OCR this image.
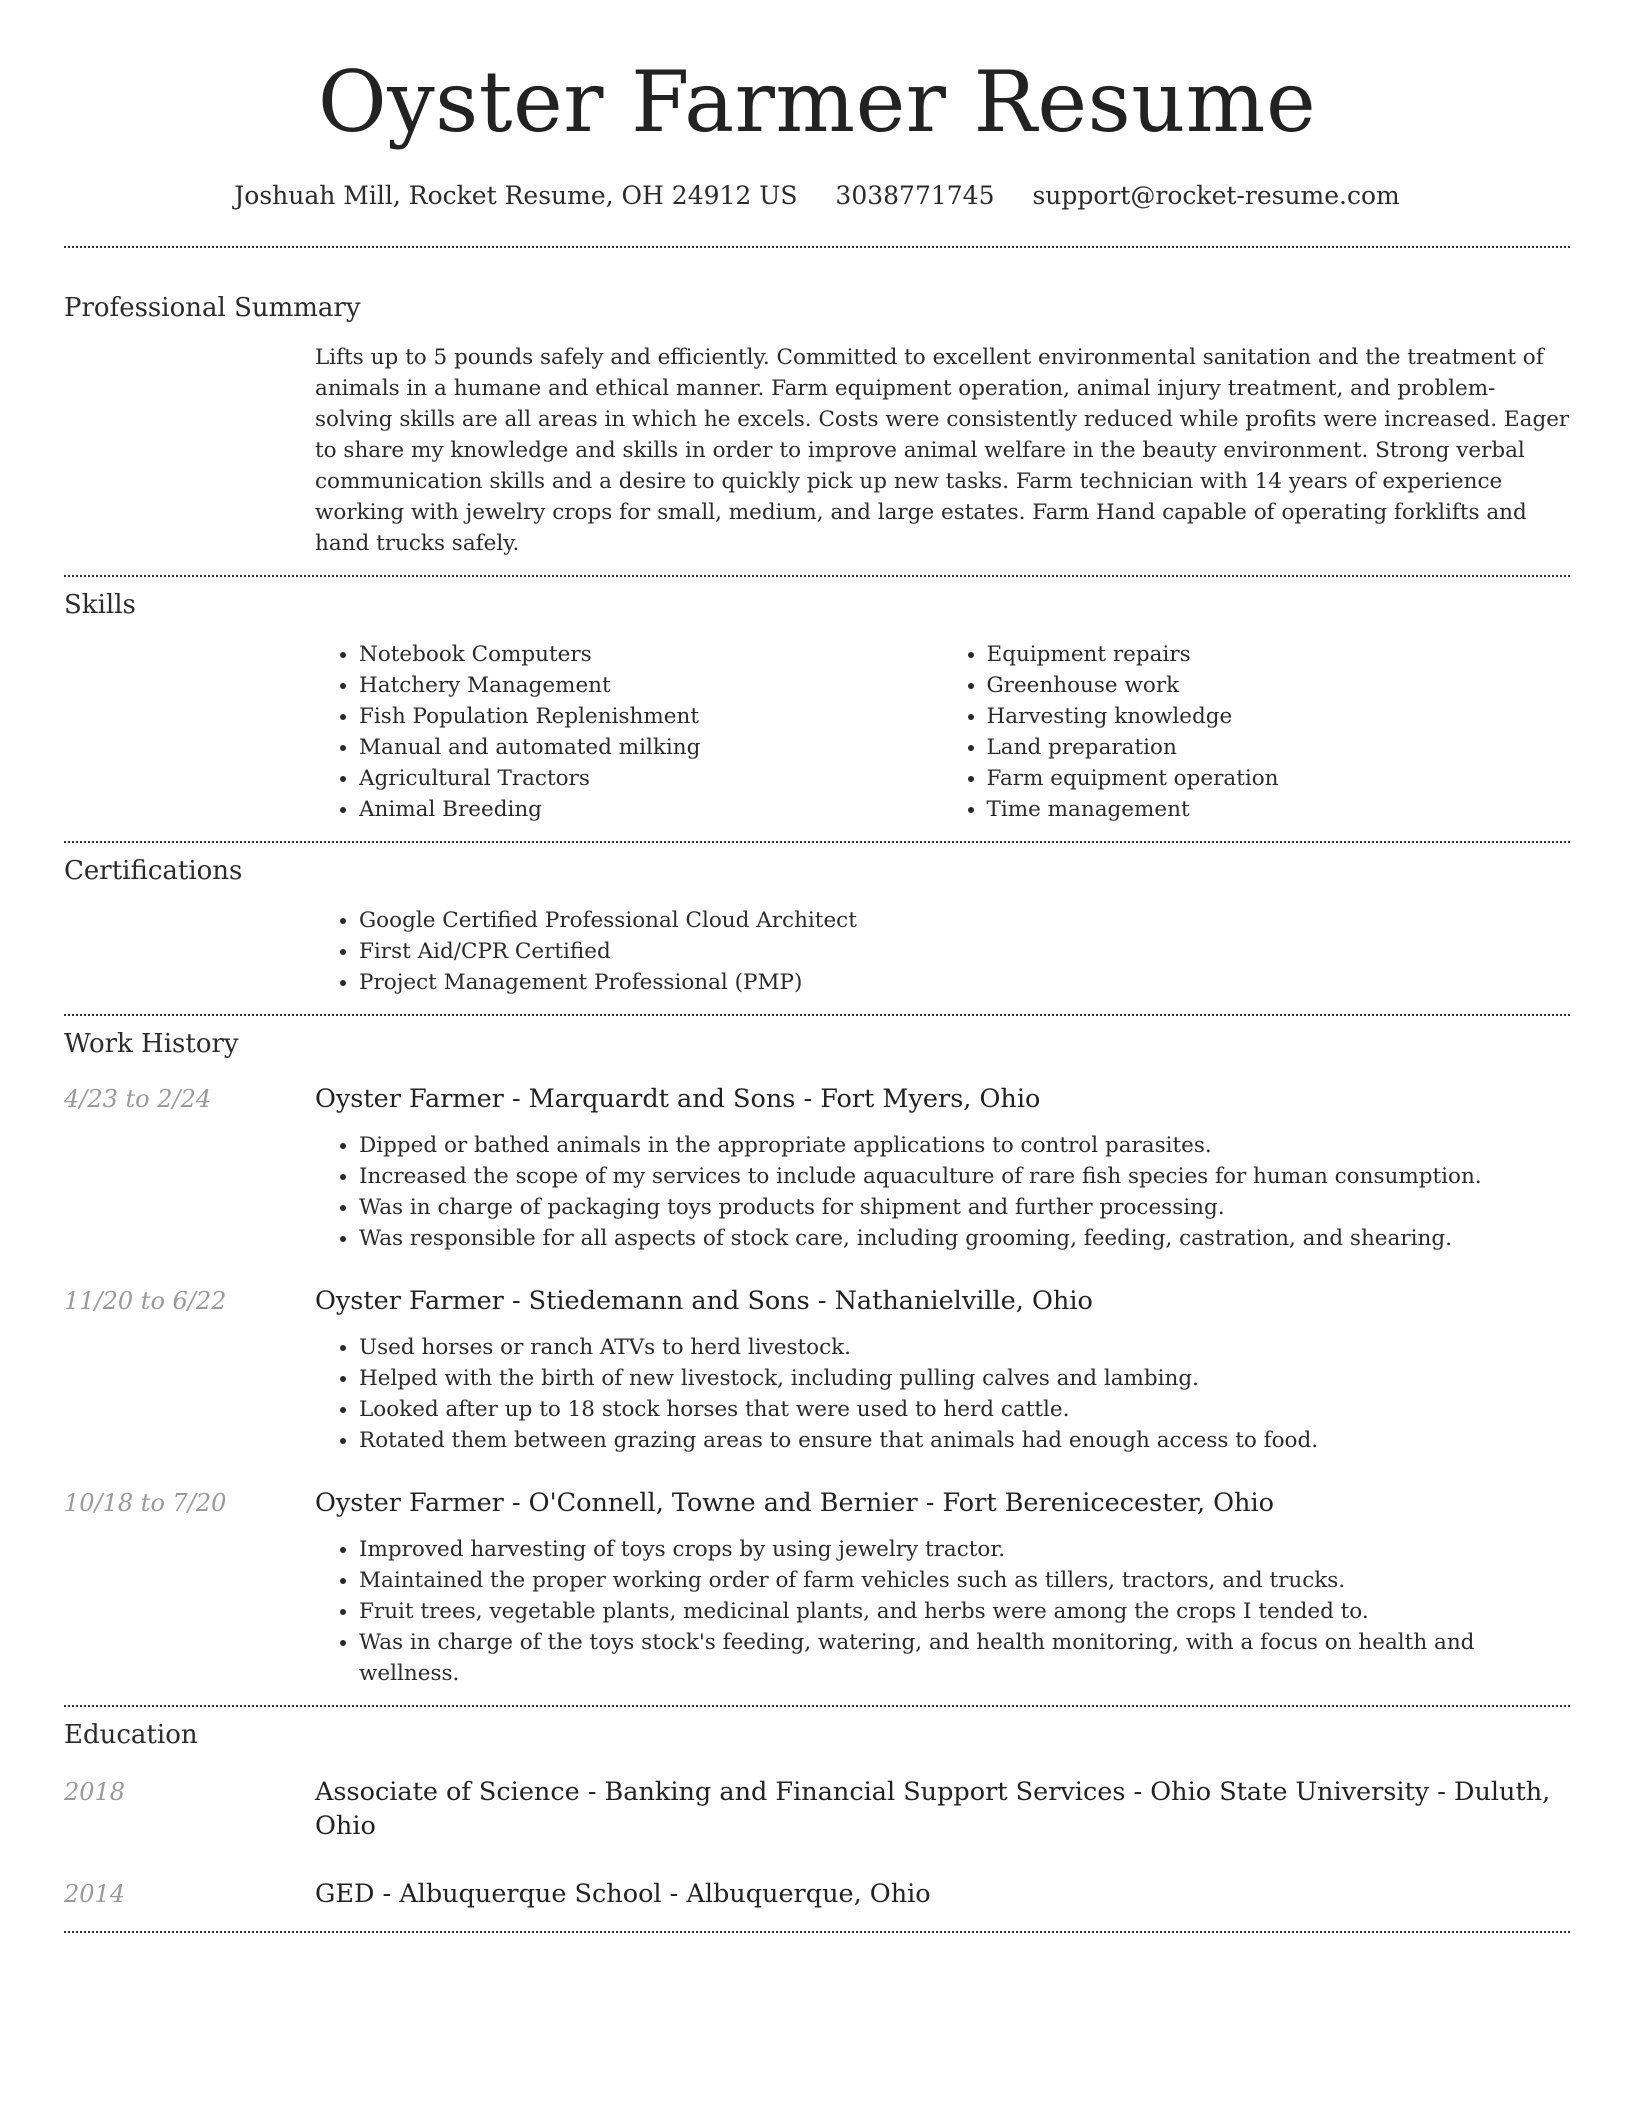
Oyster Farmer Resume
Joshuah Mill, Rocket Resume, OH 24912 US 3038771745 support@rocket-resume.com
Professional Summary
Lifts up to 5 pounds safely and efficiently. Committed to excellent environmental sanitation and the treatment of animals in a humane and ethical manner. Farm equipment operation, animal injury treatment, and problem-solving skills are all areas in which he excels. Costs were consistently reduced while profits were increased. Eager to share my knowledge and skills in order to improve animal welfare in the beauty environment. Strong verbal communication skills and a desire to quickly pick up new tasks. Farm technician with 14 years of experience working with jewelry crops for small, medium, and large estates. Farm Hand capable of operating forklifts and hand trucks safely.
Skills
• Notebook Computers
• Hatchery Management
• Fish Population Replenishment
• Manual and automated milking
• Agricultural Tractors
• Animal Breeding
• Equipment repairs
• Greenhouse work
• Harvesting knowledge
• Land preparation
• Farm equipment operation
• Time management
Certifications
• Google Certified Professional Cloud Architect
• First Aid/CPR Certified
• Project Management Professional (PMP)
Work History
4/23 to 2/24	Oyster Farmer - Marquardt and Sons - Fort Myers, Ohio
• Dipped or bathed animals in the appropriate applications to control parasites.
• Increased the scope of my services to include aquaculture of rare fish species for human consumption.
• Was in charge of packaging toys products for shipment and further processing.
• Was responsible for all aspects of stock care, including grooming, feeding, castration, and shearing.
11/20 to 6/22	Oyster Farmer - Stiedemann and Sons - Nathanielville, Ohio
• Used horses or ranch ATVs to herd livestock.
• Helped with the birth of new livestock, including pulling calves and lambing.
• Looked after up to 18 stock horses that were used to herd cattle.
• Rotated them between grazing areas to ensure that animals had enough access to food.
10/18 to 7/20	Oyster Farmer - O'Connell, Towne and Bernier - Fort Berenicecester, Ohio
• Improved harvesting of toys crops by using jewelry tractor.
• Maintained the proper working order of farm vehicles such as tillers, tractors, and trucks.
• Fruit trees, vegetable plants, medicinal plants, and herbs were among the crops I tended to.
• Was in charge of the toys stock's feeding, watering, and health monitoring, with a focus on health and wellness.
Education
2018	Associate of Science - Banking and Financial Support Services - Ohio State University - Duluth, Ohio
2014	GED - Albuquerque School - Albuquerque, Ohio
